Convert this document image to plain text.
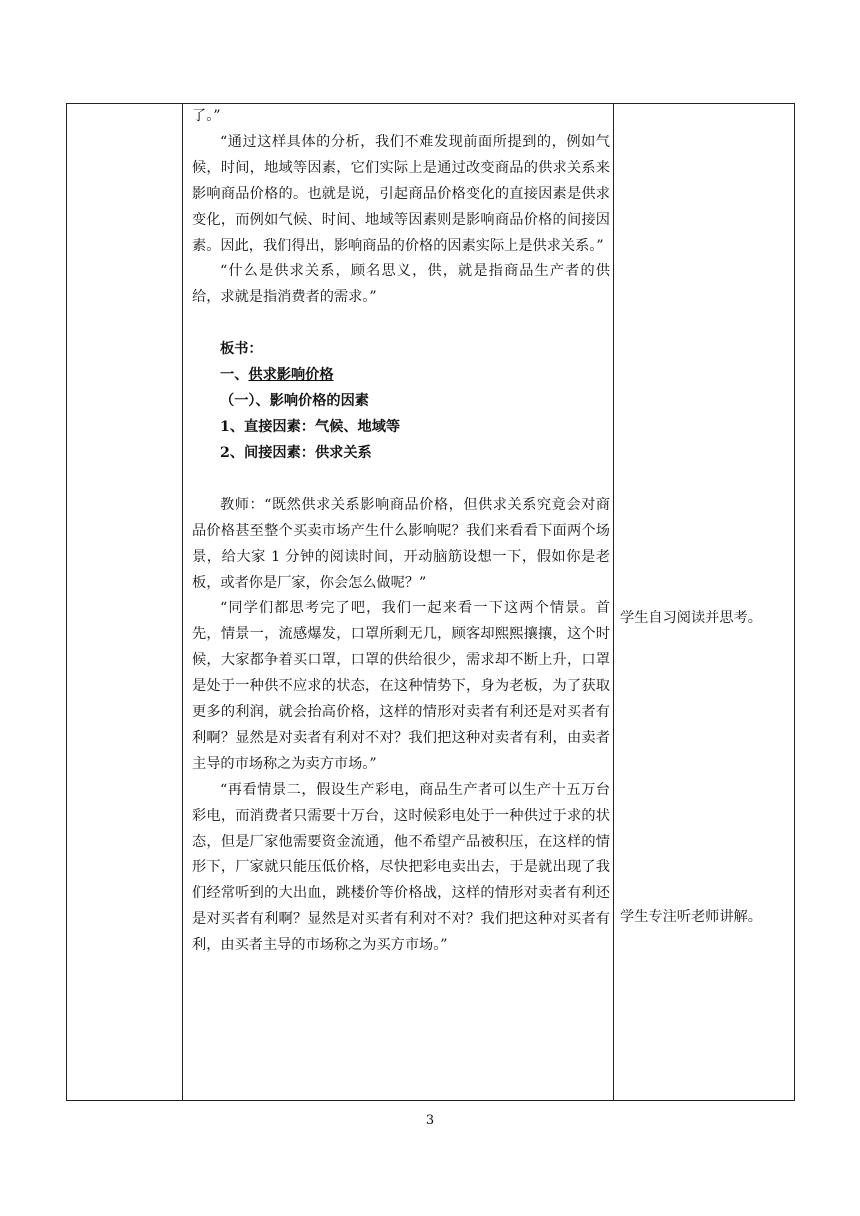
了。”

“通过这样具体的分析，我们不难发现前面所提到的，例如气候，时间，地域等因素，它们实际上是通过改变商品的供求关系来影响商品价格的。也就是说，引起商品价格变化的直接因素是供求变化，而例如气候、时间、地域等因素则是影响商品价格的间接因素。因此，我们得出，影响商品的价格的因素实际上是供求关系。”

“什么是供求关系，顾名思义，供，就是指商品生产者的供给，求就是指消费者的需求。”

板书：

一、供求影响价格

（一）、影响价格的因素

1、直接因素：气候、地域等

2、间接因素：供求关系

教师：“既然供求关系影响商品价格，但供求关系究竟会对商品价格甚至整个买卖市场产生什么影响呢？我们来看看下面两个场景，给大家 1 分钟的阅读时间，开动脑筋设想一下，假如你是老板，或者你是厂家，你会怎么做呢？”

“同学们都思考完了吧，我们一起来看一下这两个情景。首先，情景一，流感爆发，口罩所剩无几，顾客却熙熙攘攘，这个时候，大家都争着买口罩，口罩的供给很少，需求却不断上升，口罩是处于一种供不应求的状态，在这种情势下，身为老板，为了获取更多的利润，就会抬高价格，这样的情形对卖者有利还是对买者有利啊？显然是对卖者有利对不对？我们把这种对卖者有利，由卖者主导的市场称之为卖方市场。”

“再看情景二，假设生产彩电，商品生产者可以生产十五万台彩电，而消费者只需要十万台，这时候彩电处于一种供过于求的状态，但是厂家他需要资金流通，他不希望产品被积压，在这样的情形下，厂家就只能压低价格，尽快把彩电卖出去，于是就出现了我们经常听到的大出血，跳楼价等价格战，这样的情形对卖者有利还是对买者有利啊？显然是对买者有利对不对？我们把这种对买者有利，由买者主导的市场称之为买方市场。”

学生自习阅读并思考。
学生专注听老师讲解。
3
